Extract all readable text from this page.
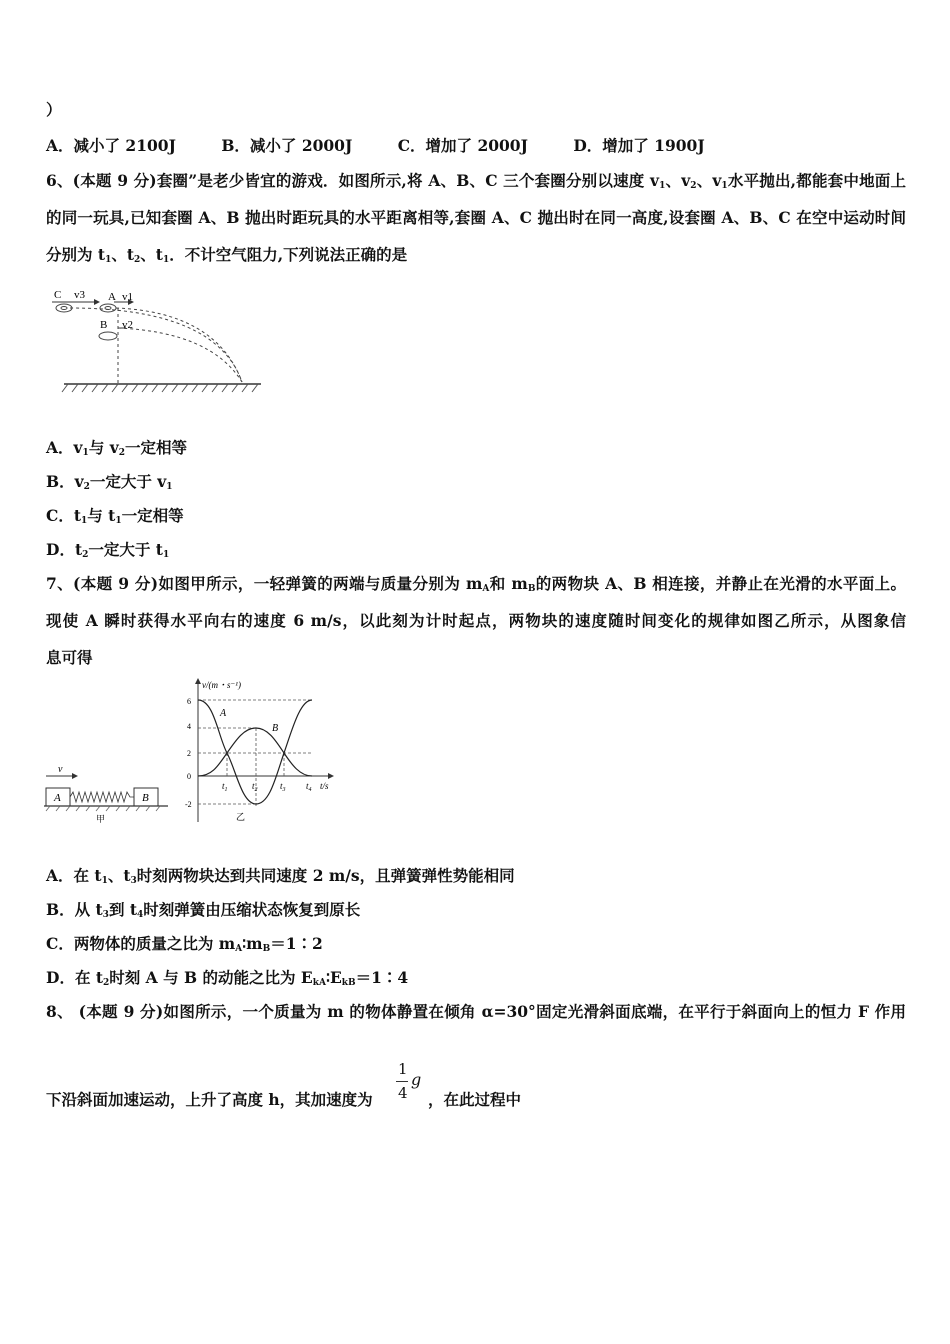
）
A．减小了 2100J	B．减小了 2000J	C．增加了 2000J	D．增加了 1900J
6、(本题 9 分)套圈”是老少皆宜的游戏．如图所示,将 A、B、C 三个套圈分别以速度 $v_1$、$v_2$、$v_1$水平抛出,都能套中地面上
的同一玩具,已知套圈 A、B 抛出时距玩具的水平距离相等,套圈 A、C 抛出时在同一高度,设套圈 A、B、C 在空中运动时间
分别为 $t_1$、$t_2$、$t_1$．不计空气阻力,下列说法正确的是
C v3 A v1
B v2
A．$v_1$与 $v_2$一定相等
B．$v_2$一定大于 $v_1$
C．$t_1$与 $t_1$一定相等
D．$t_2$一定大于 $t_1$
7、(本题 9 分)如图甲所示，一轻弹簧的两端与质量分别为 $m_A$和 $m_B$的两物块 A、B 相连接，并静止在光滑的水平面上。
现使 A 瞬时获得水平向右的速度 6 m/s，以此刻为计时起点，两物块的速度随时间变化的规律如图乙所示，从图象信
息可得
v
A	B
甲
v/(m・s⁻¹)
6
4
2
0
-2
A
B
$t_1$	$t_2$ $t_3$ $t_4$ t/s
乙
A．在 $t_1$、$t_3$时刻两物块达到共同速度 2 m/s，且弹簧弹性势能相同
B．从 $t_3$到 $t_4$时刻弹簧由压缩状态恢复到原长
C．两物体的质量之比为 $m_A∶m_B=1∶2$
D．在 $t_2$时刻 A 与 B 的动能之比为 $E_{kA}∶E_{kB}=1∶4$
8、 (本题 9 分)如图所示，一个质量为 m 的物体静置在倾角 α=30°固定光滑斜面底端，在平行于斜面向上的恒力 F 作用
下沿斜面加速运动，上升了高度 h，其加速度为
1
4
g
，在此过程中
